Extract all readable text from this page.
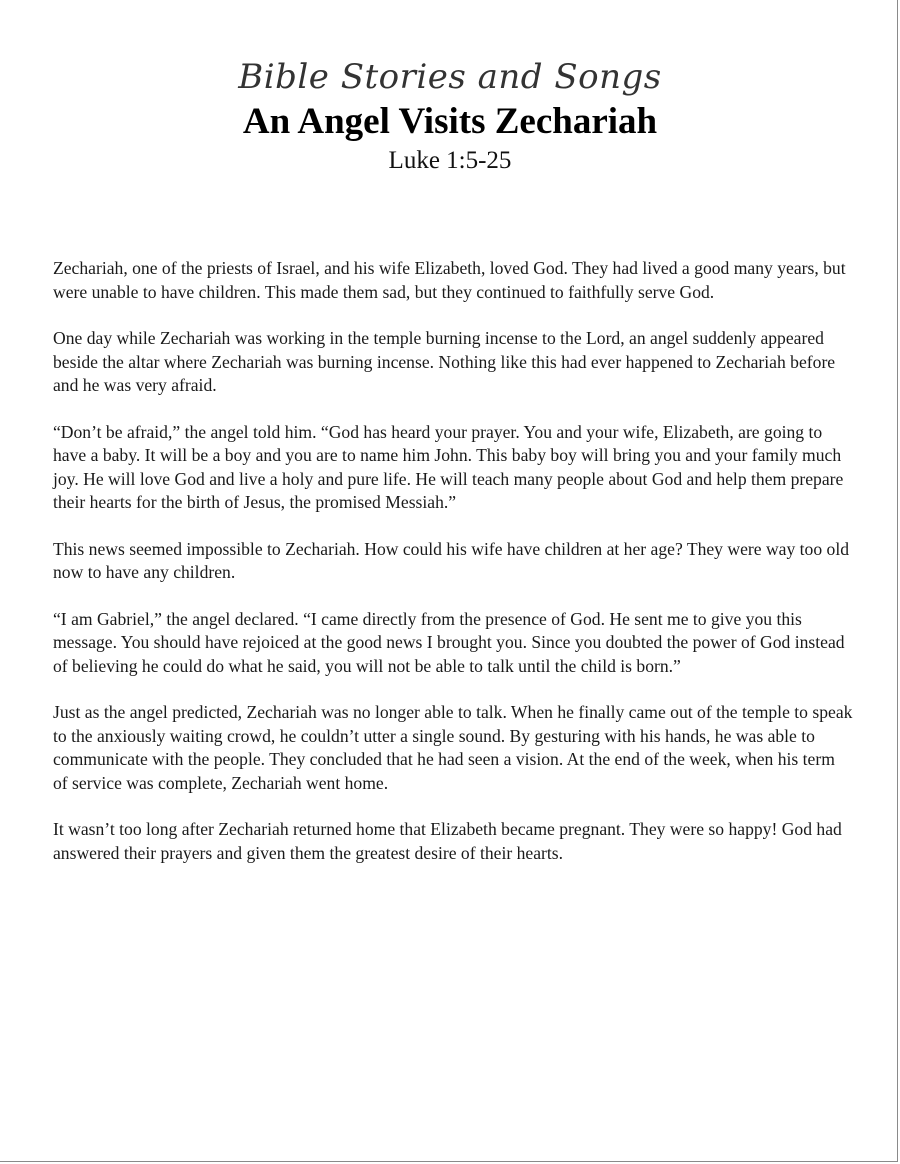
Bible Stories and Songs
An Angel Visits Zechariah
Luke 1:5-25

Zechariah, one of the priests of Israel, and his wife Elizabeth, loved God. They had lived a good many years, but were unable to have children. This made them sad, but they continued to faithfully serve God.

One day while Zechariah was working in the temple burning incense to the Lord, an angel suddenly appeared beside the altar where Zechariah was burning incense. Nothing like this had ever happened to Zechariah before and he was very afraid.

“Don’t be afraid,” the angel told him. “God has heard your prayer. You and your wife, Elizabeth, are going to have a baby. It will be a boy and you are to name him John. This baby boy will bring you and your family much joy. He will love God and live a holy and pure life. He will teach many people about God and help them prepare their hearts for the birth of Jesus, the promised Messiah.”

This news seemed impossible to Zechariah. How could his wife have children at her age? They were way too old now to have any children.

“I am Gabriel,” the angel declared. “I came directly from the presence of God. He sent me to give you this message. You should have rejoiced at the good news I brought you. Since you doubted the power of God instead of believing he could do what he said, you will not be able to talk until the child is born.”

Just as the angel predicted, Zechariah was no longer able to talk. When he finally came out of the temple to speak to the anxiously waiting crowd, he couldn’t utter a single sound. By gesturing with his hands, he was able to communicate with the people. They concluded that he had seen a vision. At the end of the week, when his term of service was complete, Zechariah went home.

It wasn’t too long after Zechariah returned home that Elizabeth became pregnant. They were so happy! God had answered their prayers and given them the greatest desire of their hearts.
